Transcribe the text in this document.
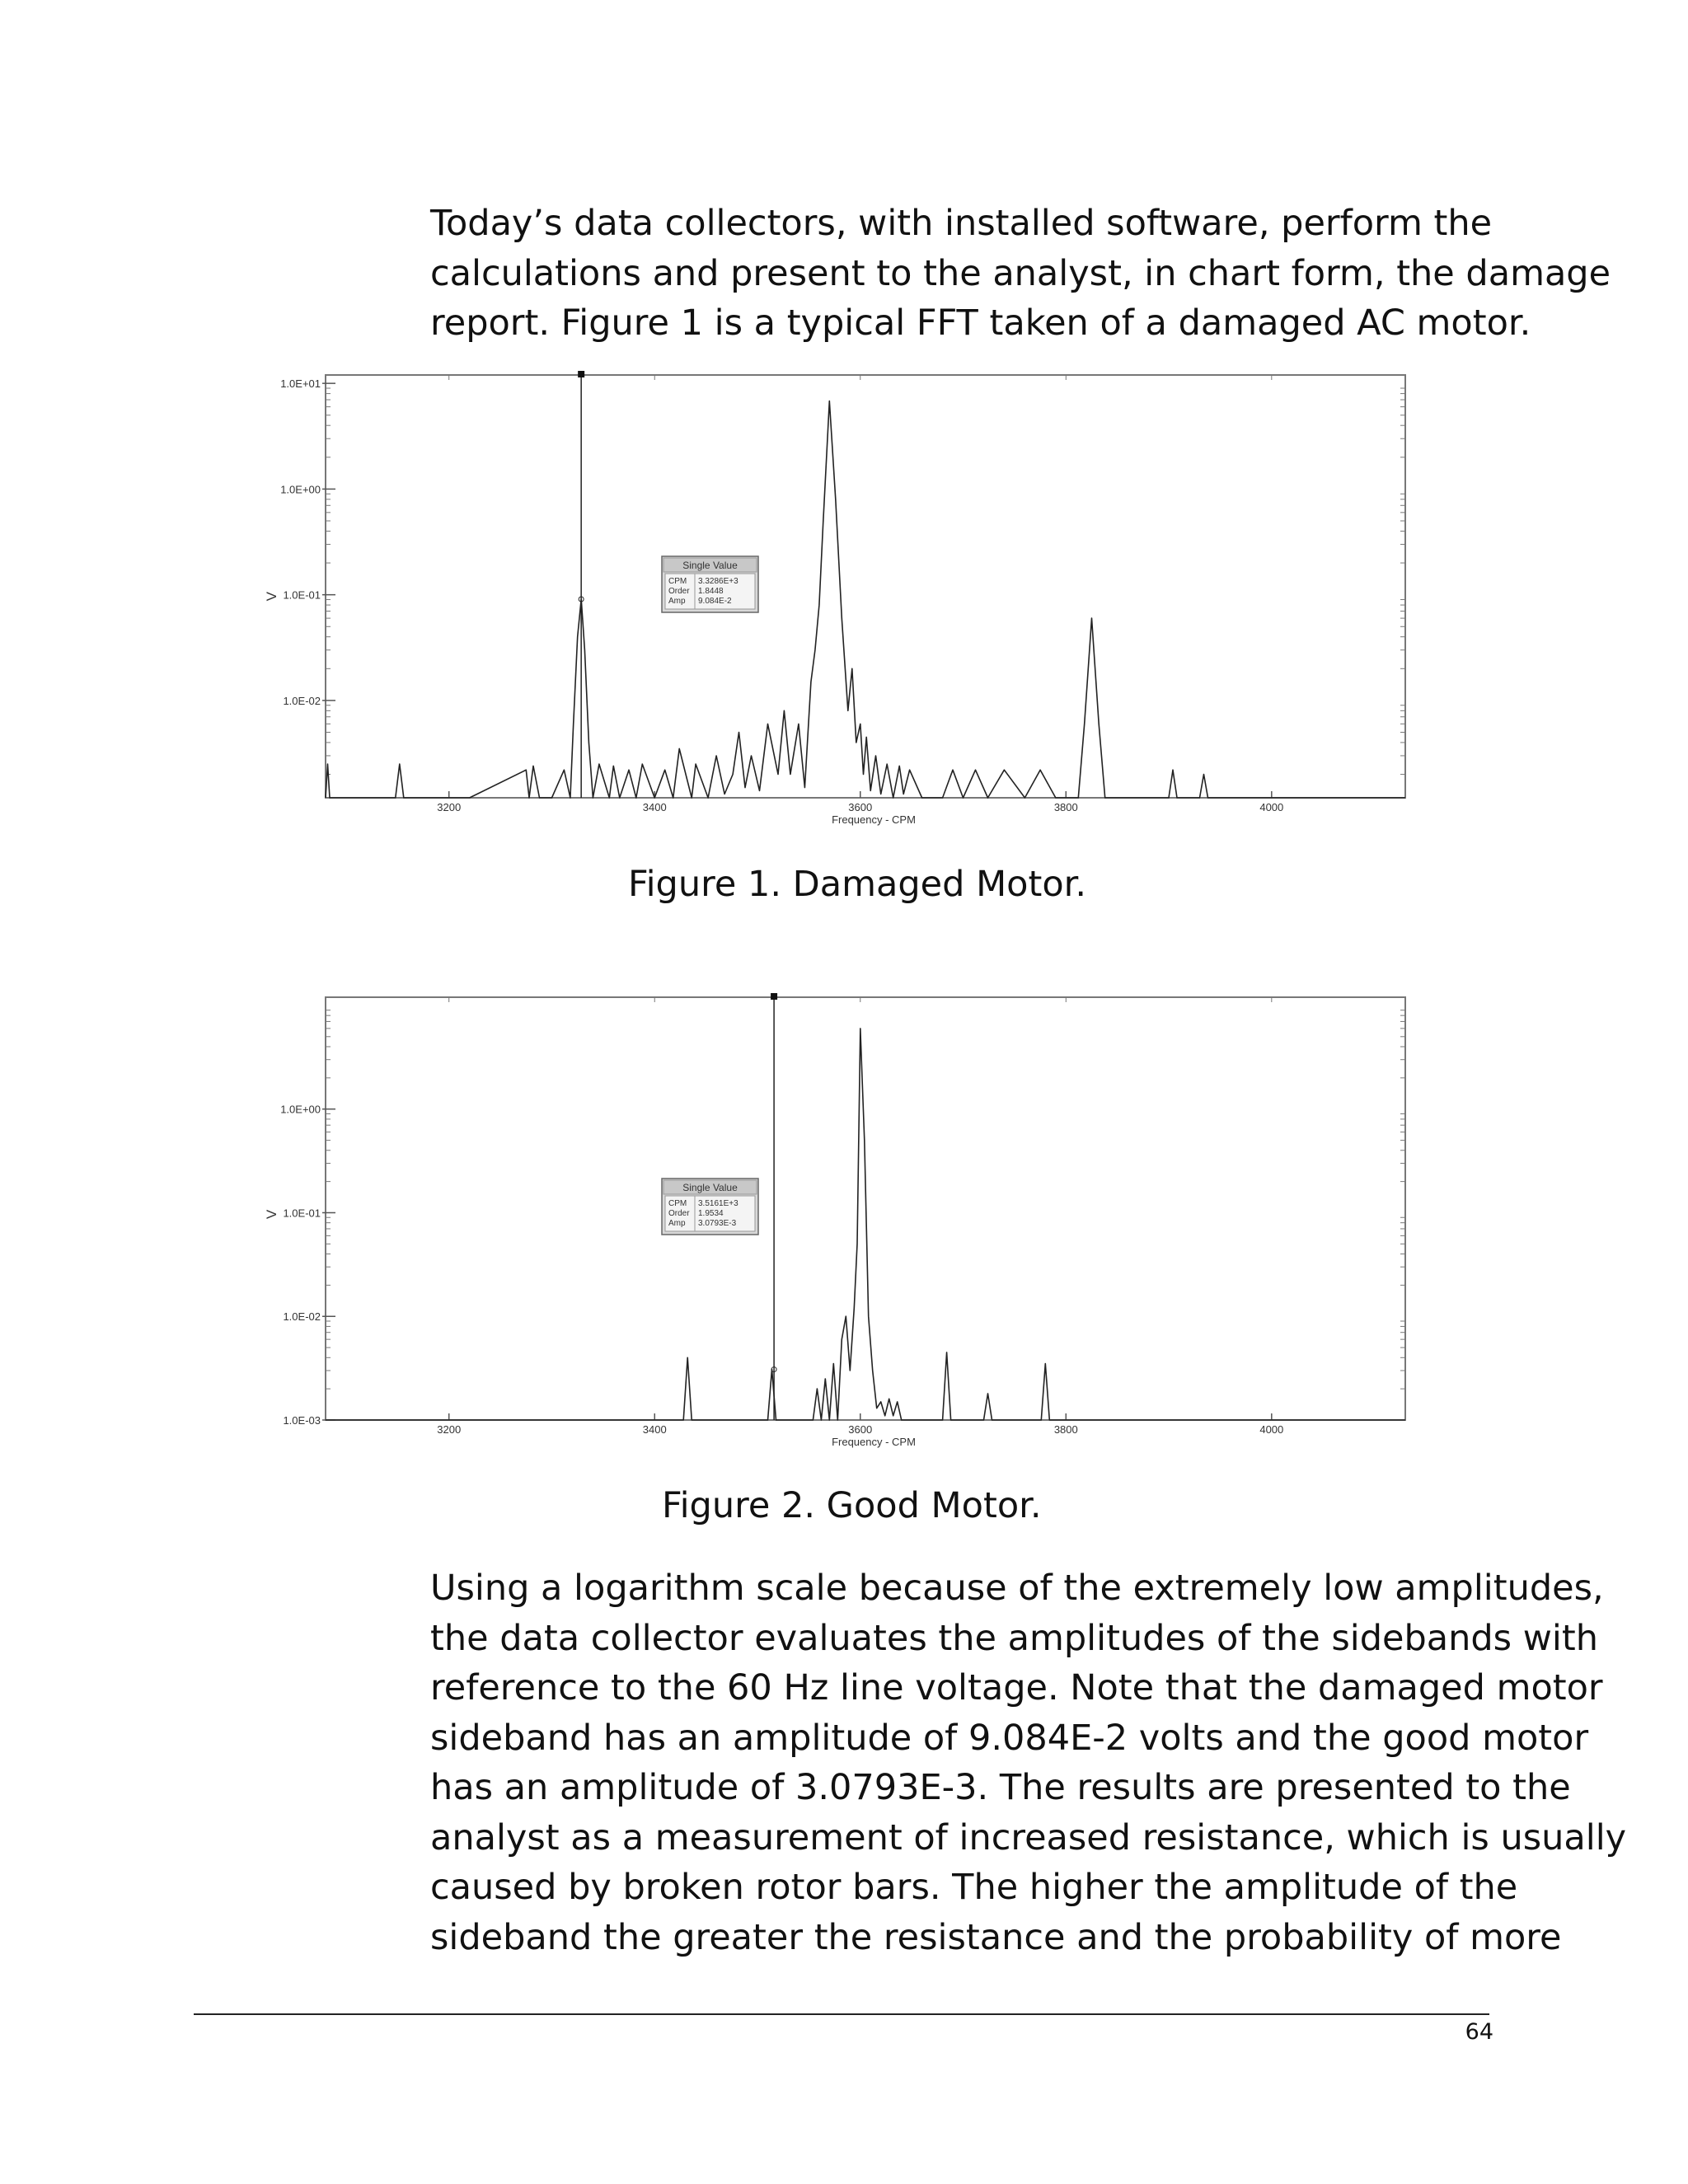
Today’s data collectors, with installed software, perform the
calculations and present to the analyst, in chart form, the damage
report. Figure 1 is a typical FFT taken of a damaged AC motor.
1.0E+01
1.0E+00
1.0E-01
1.0E-02
3200	3400	3600	3800	4000
Frequency - CPM
V
Single Value
CPM 3.3286E+3
Order 1.8448
Amp 9.084E-2
Figure 1. Damaged Motor.
1.0E+00
1.0E-01
1.0E-02
1.0E-03
3200	3400	3600	3800	4000
Frequency - CPM
V
Single Value
CPM 3.5161E+3
Order 1.9534
Amp 3.0793E-3
Figure 2. Good Motor.
Using a logarithm scale because of the extremely low amplitudes,
the data collector evaluates the amplitudes of the sidebands with
reference to the 60 Hz line voltage. Note that the damaged motor
sideband has an amplitude of 9.084E-2 volts and the good motor
has an amplitude of 3.0793E-3. The results are presented to the
analyst as a measurement of increased resistance, which is usually
caused by broken rotor bars. The higher the amplitude of the
sideband the greater the resistance and the probability of more
64
